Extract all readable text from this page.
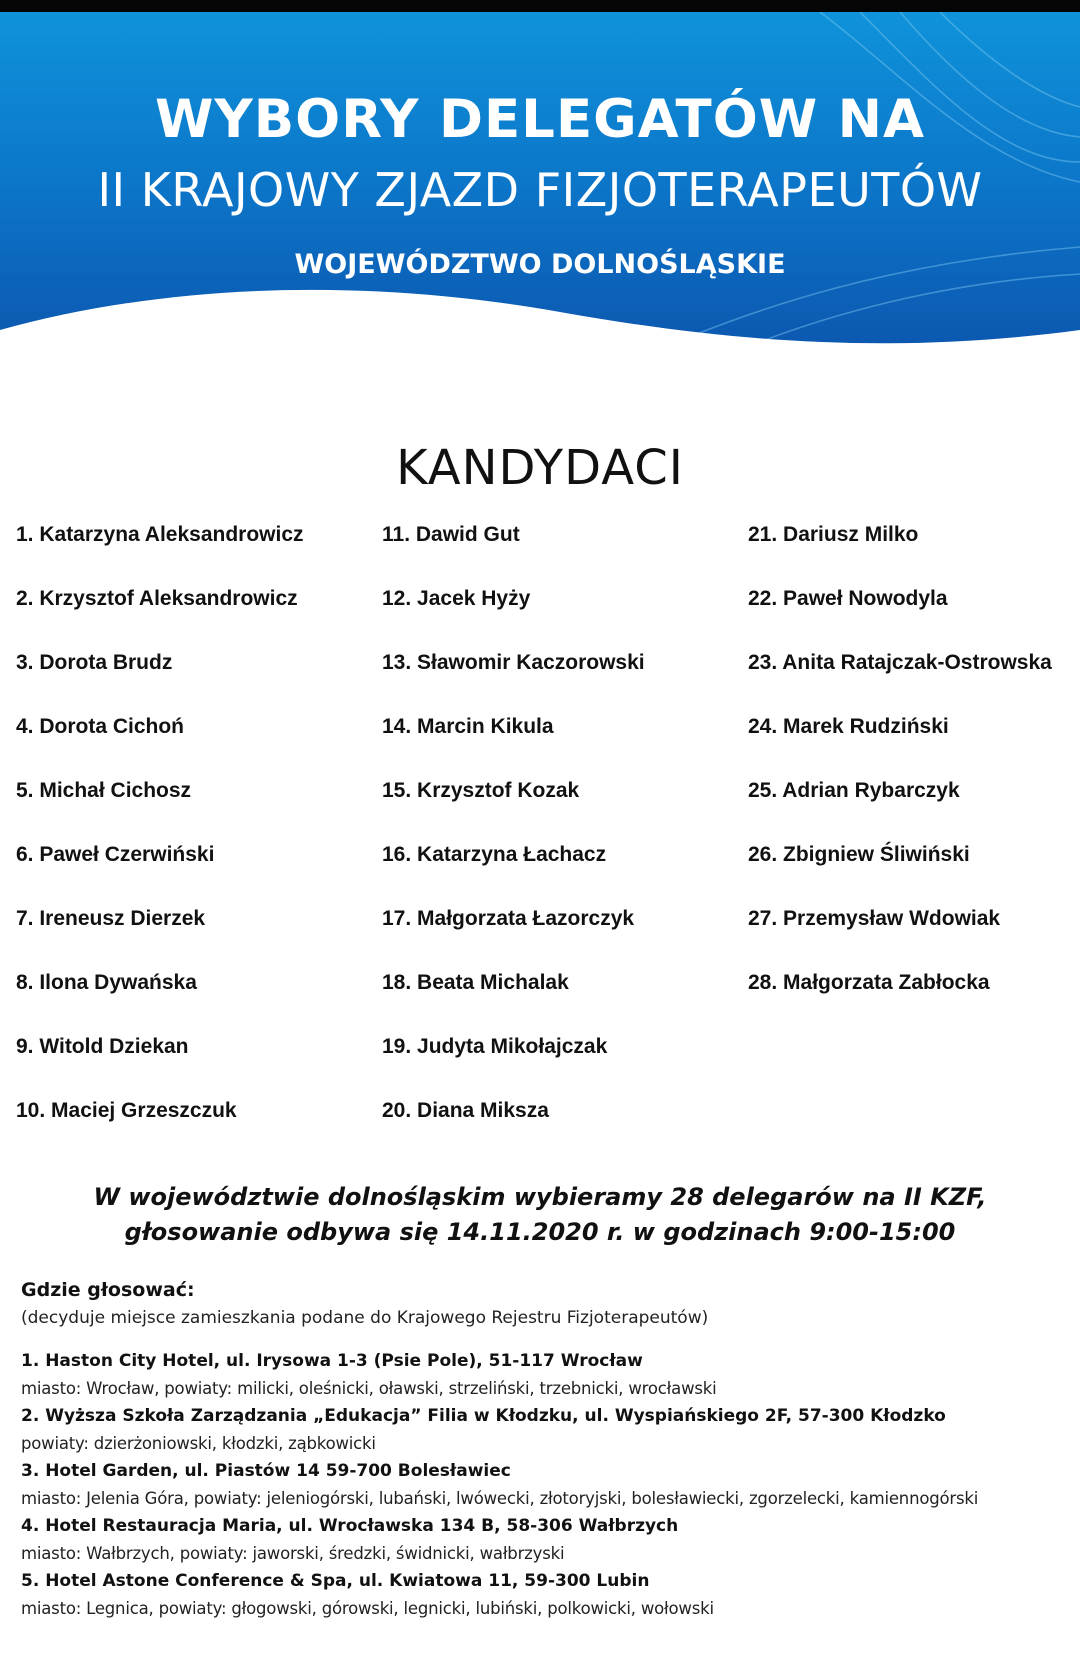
WYBORY DELEGATÓW NA
II KRAJOWY ZJAZD FIZJOTERAPEUTÓW
WOJEWÓDZTWO DOLNOŚLĄSKIE
KANDYDACI
1. Katarzyna Aleksandrowicz
2. Krzysztof Aleksandrowicz
3. Dorota Brudz
4. Dorota Cichoń
5. Michał Cichosz
6. Paweł Czerwiński
7. Ireneusz Dierzek
8. Ilona Dywańska
9. Witold Dziekan
10. Maciej Grzeszczuk
11. Dawid Gut
12. Jacek Hyży
13. Sławomir Kaczorowski
14. Marcin Kikula
15. Krzysztof Kozak
16. Katarzyna Łachacz
17. Małgorzata Łazorczyk
18. Beata Michalak
19. Judyta Mikołajczak
20. Diana Miksza
21. Dariusz Milko
22. Paweł Nowodyla
23. Anita Ratajczak-Ostrowska
24. Marek Rudziński
25. Adrian Rybarczyk
26. Zbigniew Śliwiński
27. Przemysław Wdowiak
28. Małgorzata Zabłocka
W województwie dolnośląskim wybieramy 28 delegarów na II KZF,
głosowanie odbywa się 14.11.2020 r. w godzinach 9:00-15:00
Gdzie głosować:
(decyduje miejsce zamieszkania podane do Krajowego Rejestru Fizjoterapeutów)
1. Haston City Hotel, ul. Irysowa 1-3 (Psie Pole), 51-117 Wrocław
miasto: Wrocław, powiaty: milicki, oleśnicki, oławski, strzeliński, trzebnicki, wrocławski
2. Wyższa Szkoła Zarządzania „Edukacja” Filia w Kłodzku, ul. Wyspiańskiego 2F, 57-300 Kłodzko
powiaty: dzierżoniowski, kłodzki, ząbkowicki
3. Hotel Garden, ul. Piastów 14 59-700 Bolesławiec
miasto: Jelenia Góra, powiaty: jeleniogórski, lubański, lwówecki, złotoryjski, bolesławiecki, zgorzelecki, kamiennogórski
4. Hotel Restauracja Maria, ul. Wrocławska 134 B, 58-306 Wałbrzych
miasto: Wałbrzych, powiaty: jaworski, średzki, świdnicki, wałbrzyski
5. Hotel Astone Conference & Spa, ul. Kwiatowa 11, 59-300 Lubin
miasto: Legnica, powiaty: głogowski, górowski, legnicki, lubiński, polkowicki, wołowski
